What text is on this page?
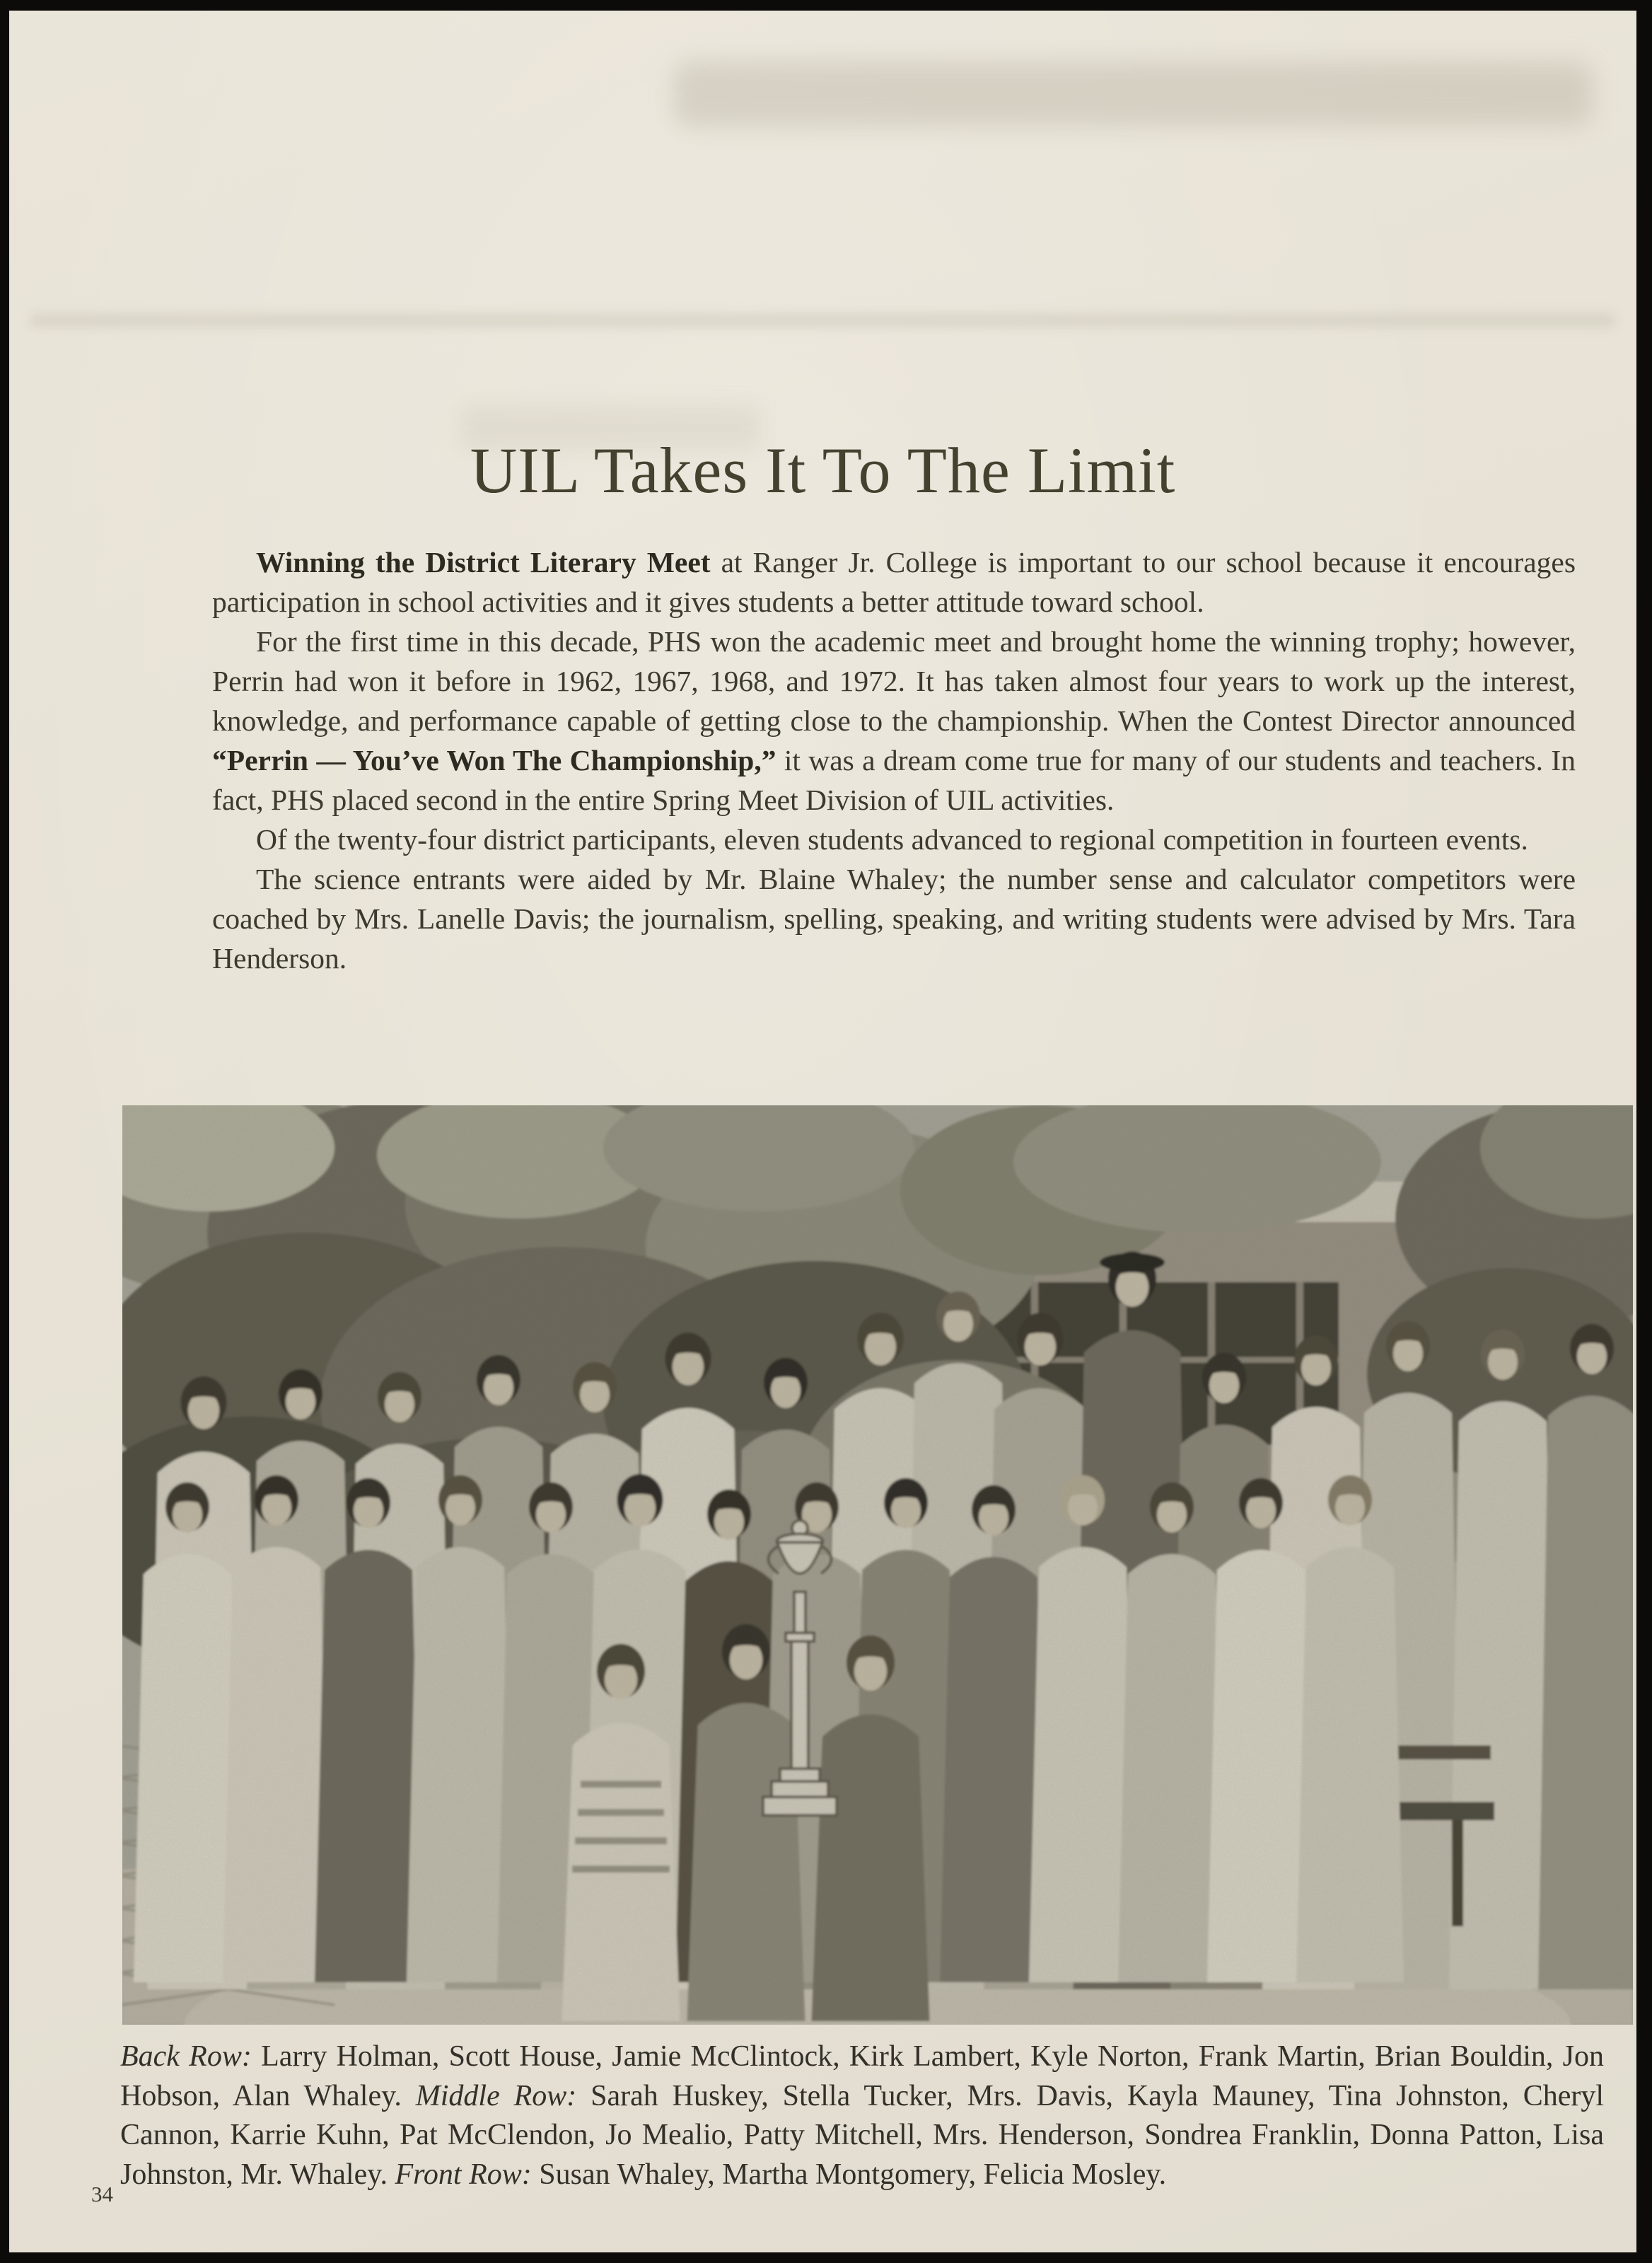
UIL Takes It To The Limit

Winning the District Literary Meet at Ranger Jr. College is important to our school because it encourages participation in school activities and it gives students a better attitude toward school.

For the first time in this decade, PHS won the academic meet and brought home the winning trophy; however, Perrin had won it before in 1962, 1967, 1968, and 1972. It has taken almost four years to work up the interest, knowledge, and performance capable of getting close to the championship. When the Contest Director announced “Perrin — You’ve Won The Championship,” it was a dream come true for many of our students and teachers. In fact, PHS placed second in the entire Spring Meet Division of UIL activities.

Of the twenty-four district participants, eleven students advanced to regional competition in fourteen events.

The science entrants were aided by Mr. Blaine Whaley; the number sense and calculator competitors were coached by Mrs. Lanelle Davis; the journalism, spelling, speaking, and writing students were advised by Mrs. Tara Henderson.

Back Row: Larry Holman, Scott House, Jamie McClintock, Kirk Lambert, Kyle Norton, Frank Martin, Brian Bouldin, Jon Hobson, Alan Whaley. Middle Row: Sarah Huskey, Stella Tucker, Mrs. Davis, Kayla Mauney, Tina Johnston, Cheryl Cannon, Karrie Kuhn, Pat McClendon, Jo Mealio, Patty Mitchell, Mrs. Henderson, Sondrea Franklin, Donna Patton, Lisa Johnston, Mr. Whaley. Front Row: Susan Whaley, Martha Montgomery, Felicia Mosley.

34
